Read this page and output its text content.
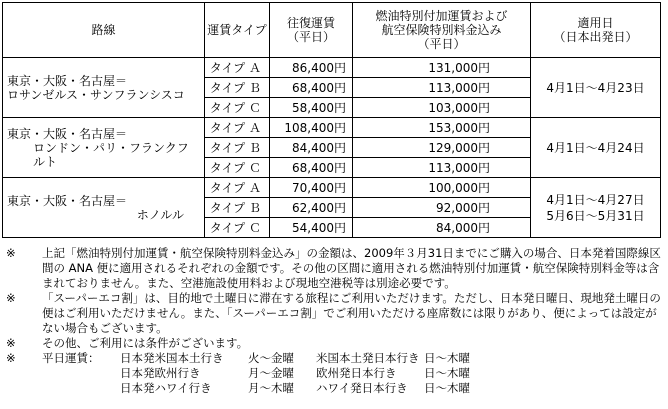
路線	運賃タイプ	往復運賃
（平日）	燃油特別付加運賃および
航空保険特別料金込み
（平日）	適用日
（日本出発日）

東京・大阪・名古屋＝
ロサンゼルス・サンフランシスコ	タイプ Ａ	86,400円	131,000円	4月1日～4月23日
	タイプ Ｂ	68,400円	113,000円	
	タイプ Ｃ	58,400円	103,000円	

東京・大阪・名古屋＝
ロンドン・パリ・フランクフルト	タイプ Ａ	108,400円	153,000円	4月1日～4月24日
	タイプ Ｂ	84,400円	129,000円	
	タイプ Ｃ	68,400円	113,000円	

東京・大阪・名古屋＝
ホノルル	タイプ Ａ	70,400円	100,000円	4月1日～4月27日
5月6日～5月31日
	タイプ Ｂ	62,400円	92,000円	
	タイプ Ｃ	54,400円	84,000円	
※	上記「燃油特別付加運賃・航空保険特別料金込み」の金額は、2009年３月31日までにご購入の場合、日本発着国際線区間の ANA 便に適用されるそれぞれの金額です。その他の区間に適用される燃油特別付加運賃・航空保険特別料金等は含まれておりません。また、空港施設使用料および現地空港税等は別途必要です。
※	「スーパーエコ割」は、目的地で土曜日に滞在する旅程にご利用いただけます。ただし、日本発日曜日、現地発土曜日の便はご利用いただけません。また、「スーパーエコ割」でご利用いただける座席数には限りがあり、便によっては設定がない場合もございます。
※	その他、ご利用には条件がございます。
※	平日運賃：	日本発米国本土行き	火～金曜	米国本土発日本行き 日～木曜
日本発欧州行き	月～金曜	欧州発日本行き	日～木曜
日本発ハワイ行き	月～木曜	ハワイ発日本行き	日～木曜
